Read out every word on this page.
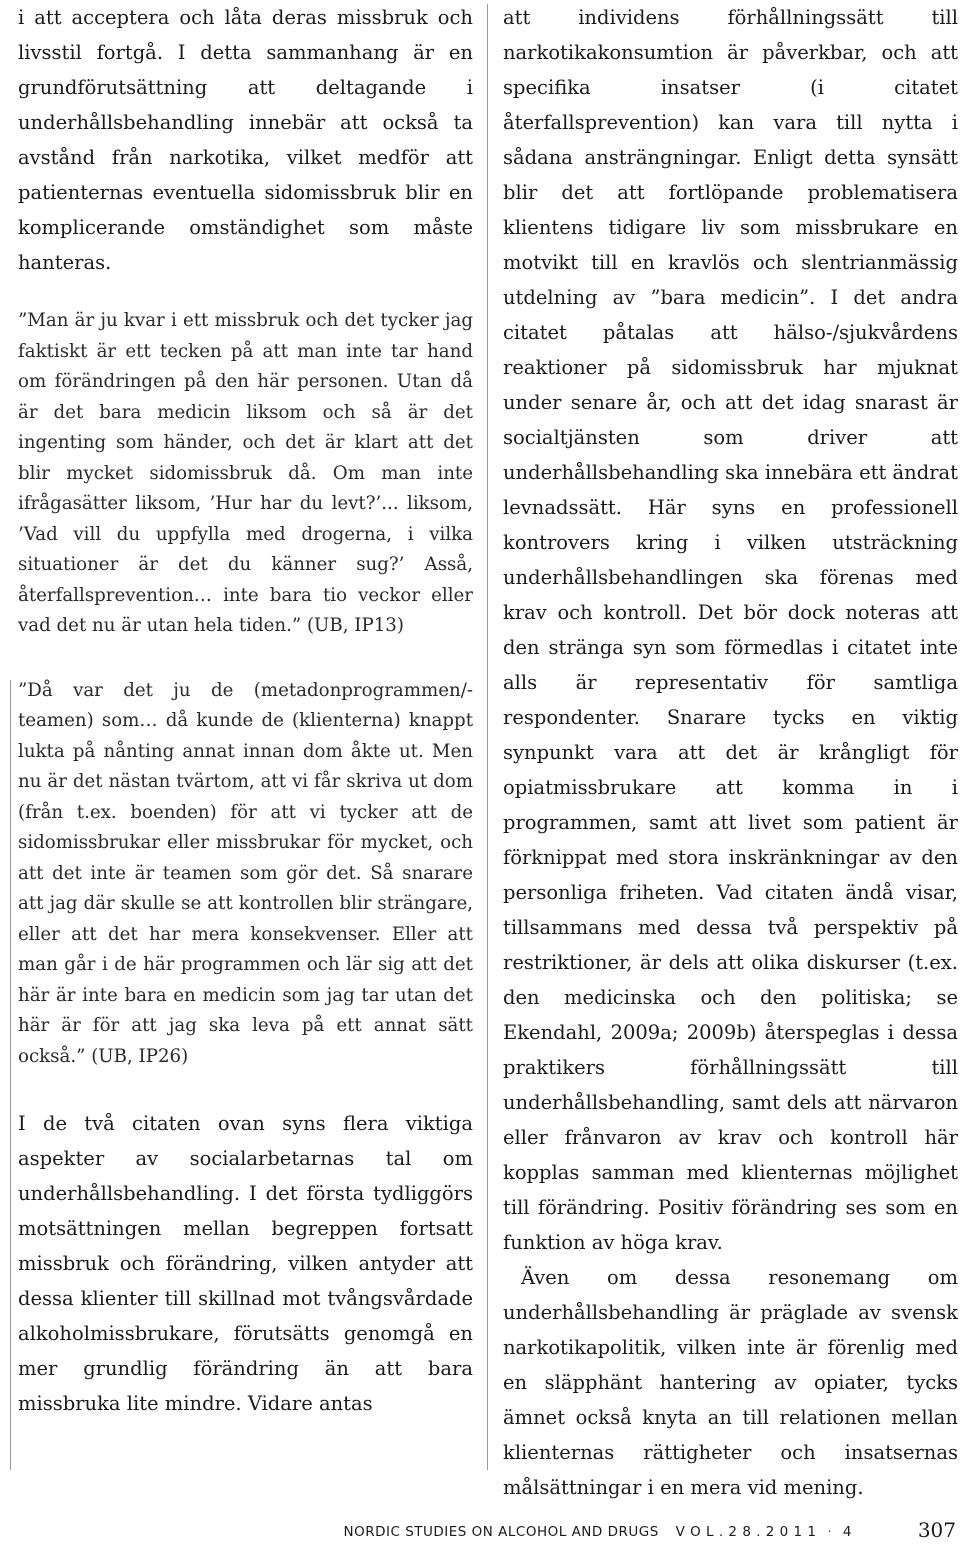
i att acceptera och låta deras missbruk och livsstil fortgå. I detta sammanhang är en grundförutsättning att deltagande i underhållsbehandling innebär att också ta avstånd från narkotika, vilket medför att patienternas eventuella sidomissbruk blir en komplicerande omständighet som måste hanteras.

”Man är ju kvar i ett missbruk och det tycker jag faktiskt är ett tecken på att man inte tar hand om förändringen på den här personen. Utan då är det bara medicin liksom och så är det ingenting som händer, och det är klart att det blir mycket sidomissbruk då. Om man inte ifrågasätter liksom, ’Hur har du levt?’... liksom, ’Vad vill du uppfylla med drogerna, i vilka situationer är det du känner sug?’ Asså, återfallsprevention… inte bara tio veckor eller vad det nu är utan hela tiden.” (UB, IP13)

”Då var det ju de (metadonprogrammen/-teamen) som… då kunde de (klienterna) knappt lukta på nånting annat innan dom åkte ut. Men nu är det nästan tvärtom, att vi får skriva ut dom (från t.ex. boenden) för att vi tycker att de sidomissbrukar eller missbrukar för mycket, och att det inte är teamen som gör det. Så snarare att jag där skulle se att kontrollen blir strängare, eller att det har mera konsekvenser. Eller att man går i de här programmen och lär sig att det här är inte bara en medicin som jag tar utan det här är för att jag ska leva på ett annat sätt också.” (UB, IP26)

I de två citaten ovan syns flera viktiga aspekter av socialarbetarnas tal om underhållsbehandling. I det första tydliggörs motsättningen mellan begreppen fortsatt missbruk och förändring, vilken antyder att dessa klienter till skillnad mot tvångsvårdade alkoholmissbrukare, förutsätts genomgå en mer grundlig förändring än att bara missbruka lite mindre. Vidare antas

att individens förhållningssätt till narkotikakonsumtion är påverkbar, och att specifika insatser (i citatet återfallsprevention) kan vara till nytta i sådana ansträngningar. Enligt detta synsätt blir det att fortlöpande problematisera klientens tidigare liv som missbrukare en motvikt till en kravlös och slentrianmässig utdelning av ”bara medicin”. I det andra citatet påtalas att hälso-/sjukvårdens reaktioner på sidomissbruk har mjuknat under senare år, och att det idag snarast är socialtjänsten som driver att underhållsbehandling ska innebära ett ändrat levnadssätt. Här syns en professionell kontrovers kring i vilken utsträckning underhållsbehandlingen ska förenas med krav och kontroll. Det bör dock noteras att den stränga syn som förmedlas i citatet inte alls är representativ för samtliga respondenter. Snarare tycks en viktig synpunkt vara att det är krångligt för opiatmissbrukare att komma in i programmen, samt att livet som patient är förknippat med stora inskränkningar av den personliga friheten. Vad citaten ändå visar, tillsammans med dessa två perspektiv på restriktioner, är dels att olika diskurser (t.ex. den medicinska och den politiska; se Ekendahl, 2009a; 2009b) återspeglas i dessa praktikers förhållningssätt till underhållsbehandling, samt dels att närvaron eller frånvaron av krav och kontroll här kopplas samman med klienternas möjlighet till förändring. Positiv förändring ses som en funktion av höga krav.

Även om dessa resonemang om underhållsbehandling är präglade av svensk narkotikapolitik, vilken inte är förenlig med en släpphänt hantering av opiater, tycks ämnet också knyta an till relationen mellan klienternas rättigheter och insatsernas målsättningar i en mera vid mening.

NORDIC STUDIES ON ALCOHOL AND DRUGS V O L . 2 8 . 2 0 1 1 · 4	307
